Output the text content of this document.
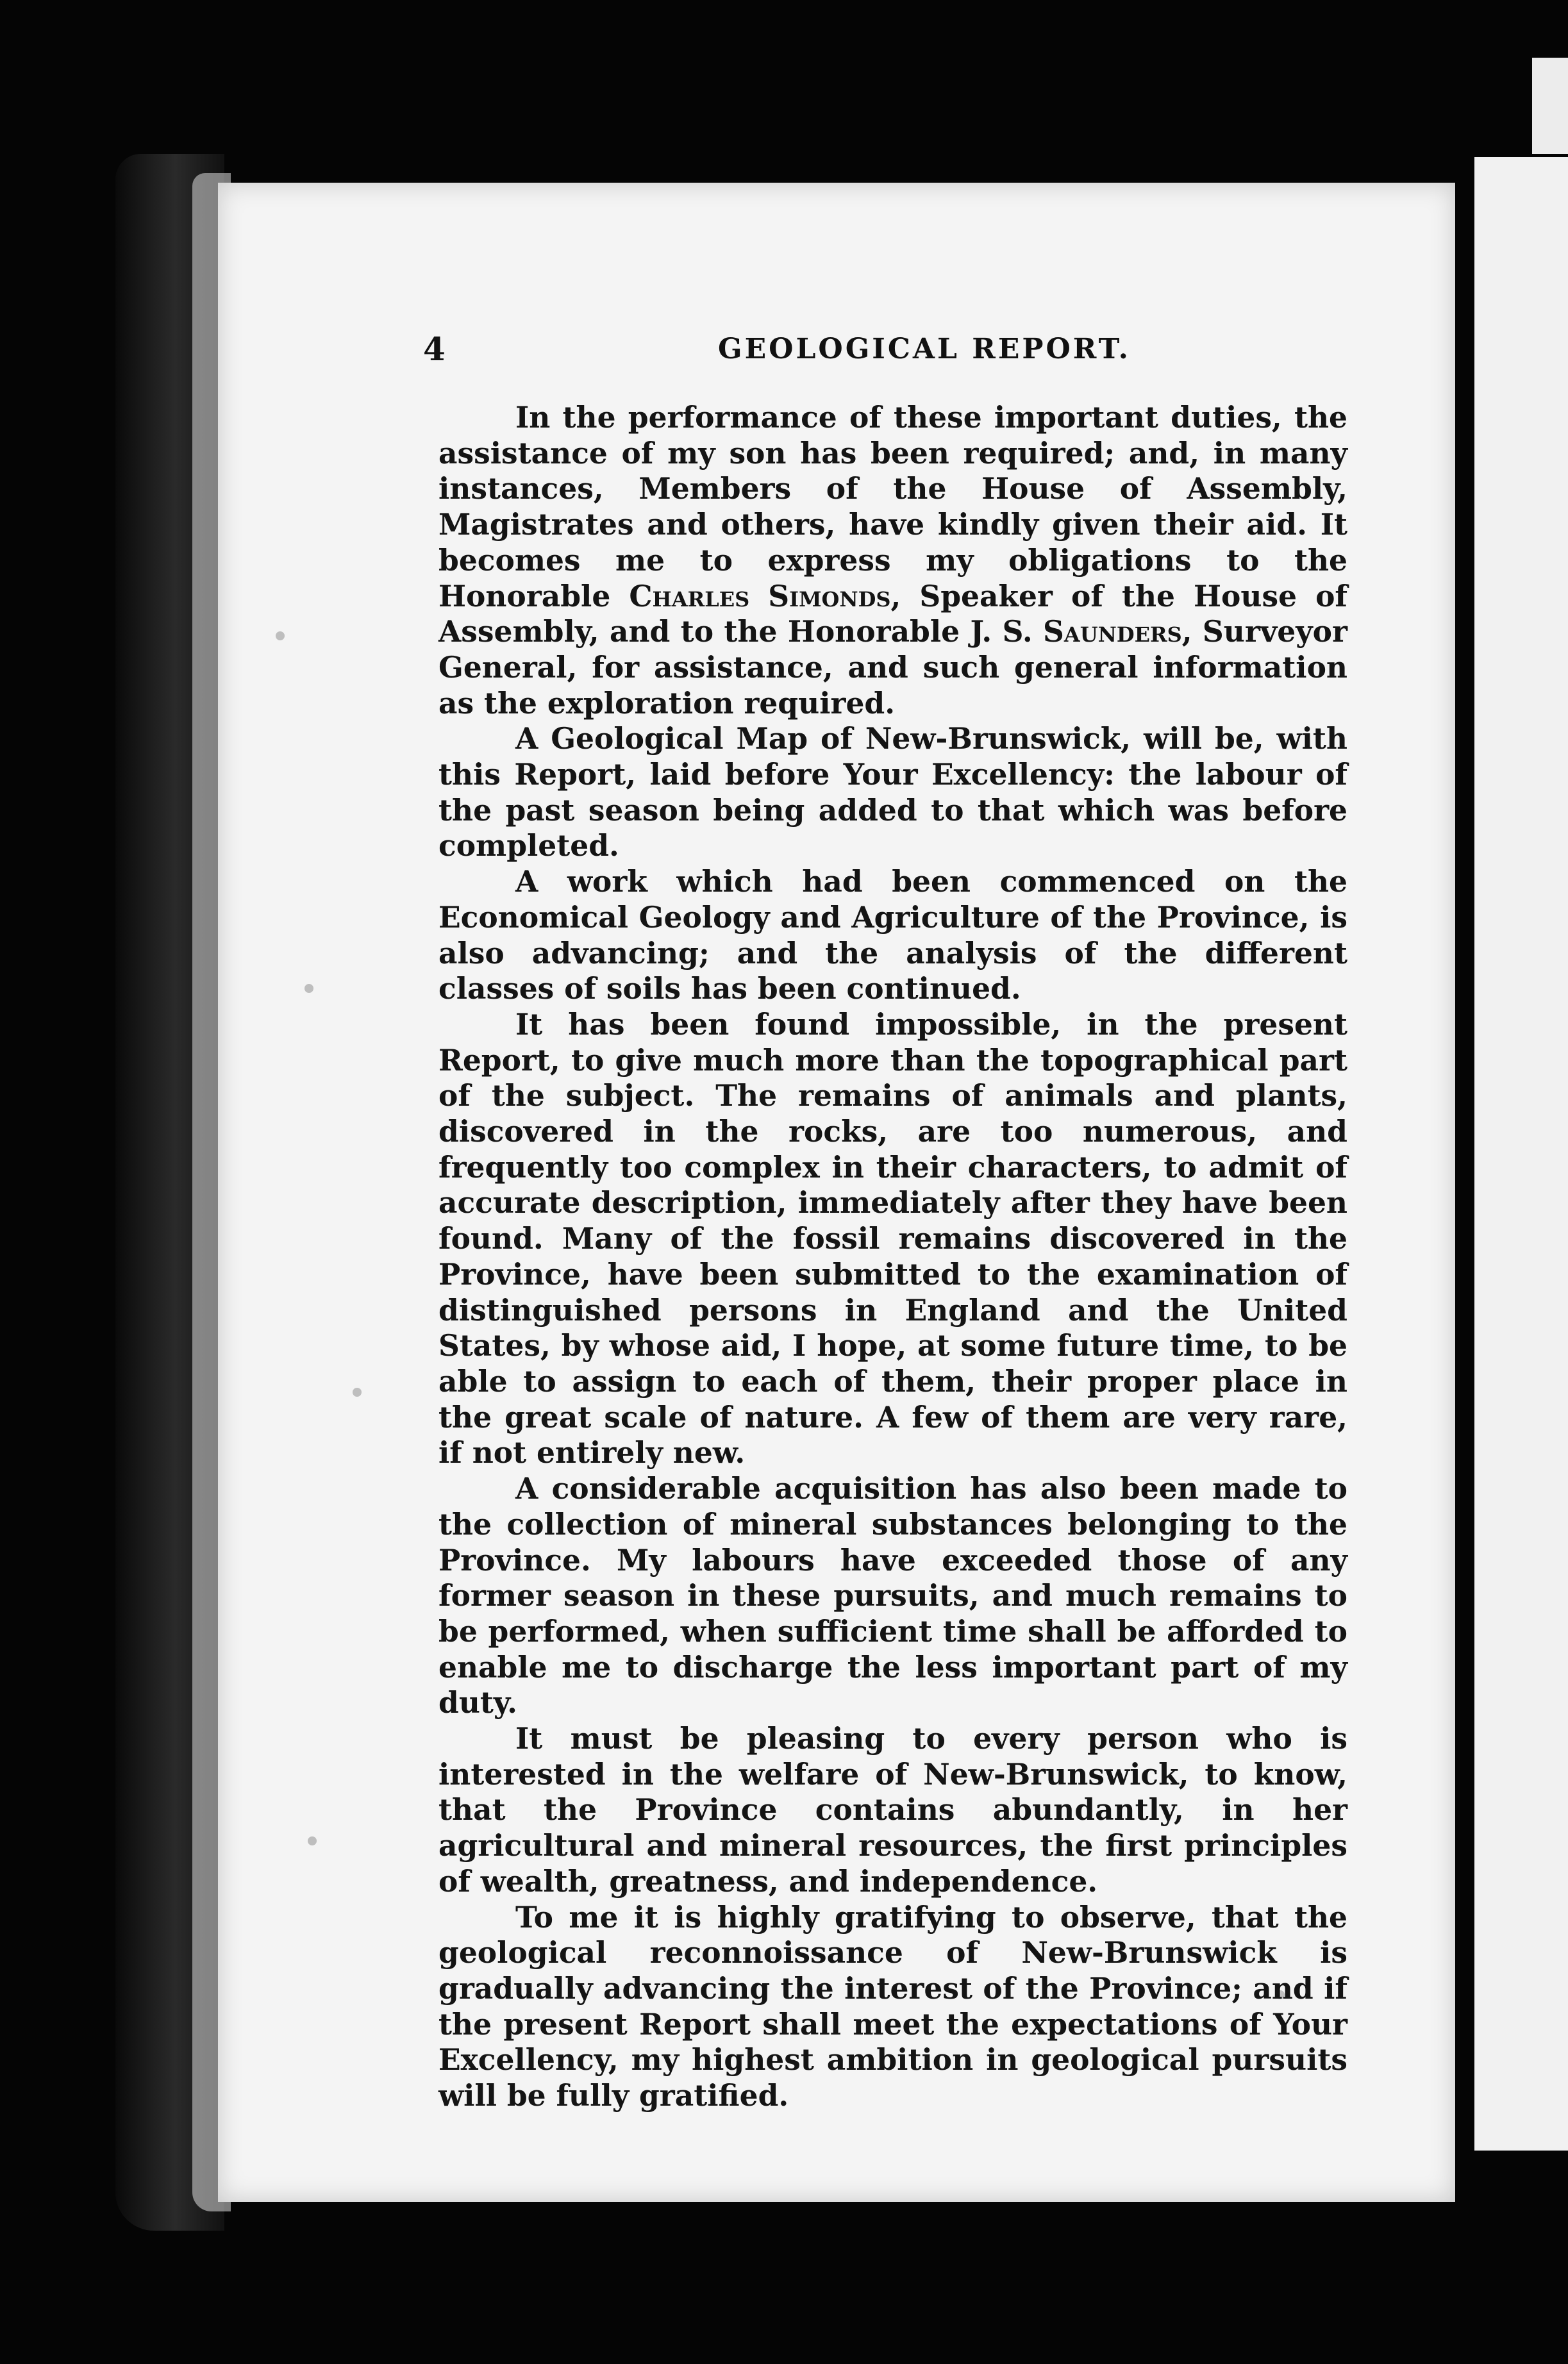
4	GEOLOGICAL REPORT.

In the performance of these important duties, the assistance of my son has been required; and, in many instances, Members of the House of Assembly, Magistrates and others, have kindly given their aid. It becomes me to express my obligations to the Honorable Charles Simonds, Speaker of the House of Assembly, and to the Honorable J. S. Saunders, Surveyor General, for assistance, and such general information as the exploration required.

A Geological Map of New-Brunswick, will be, with this Report, laid before Your Excellency: the labour of the past season being added to that which was before completed.

A work which had been commenced on the Economical Geology and Agriculture of the Province, is also advancing; and the analysis of the different classes of soils has been continued.

It has been found impossible, in the present Report, to give much more than the topographical part of the subject. The remains of animals and plants, discovered in the rocks, are too numerous, and frequently too complex in their characters, to admit of accurate description, immediately after they have been found. Many of the fossil remains discovered in the Province, have been submitted to the examination of distinguished persons in England and the United States, by whose aid, I hope, at some future time, to be able to assign to each of them, their proper place in the great scale of nature. A few of them are very rare, if not entirely new.

A considerable acquisition has also been made to the collection of mineral substances belonging to the Province. My labours have exceeded those of any former season in these pursuits, and much remains to be performed, when sufficient time shall be afforded to enable me to discharge the less important part of my duty.

It must be pleasing to every person who is interested in the welfare of New-Brunswick, to know, that the Province contains abundantly, in her agricultural and mineral resources, the first principles of wealth, greatness, and independence.

To me it is highly gratifying to observe, that the geological reconnoissance of New-Brunswick is gradually advancing the interest of the Province; and if the present Report shall meet the expectations of Your Excellency, my highest ambition in geological pursuits will be fully gratified.
